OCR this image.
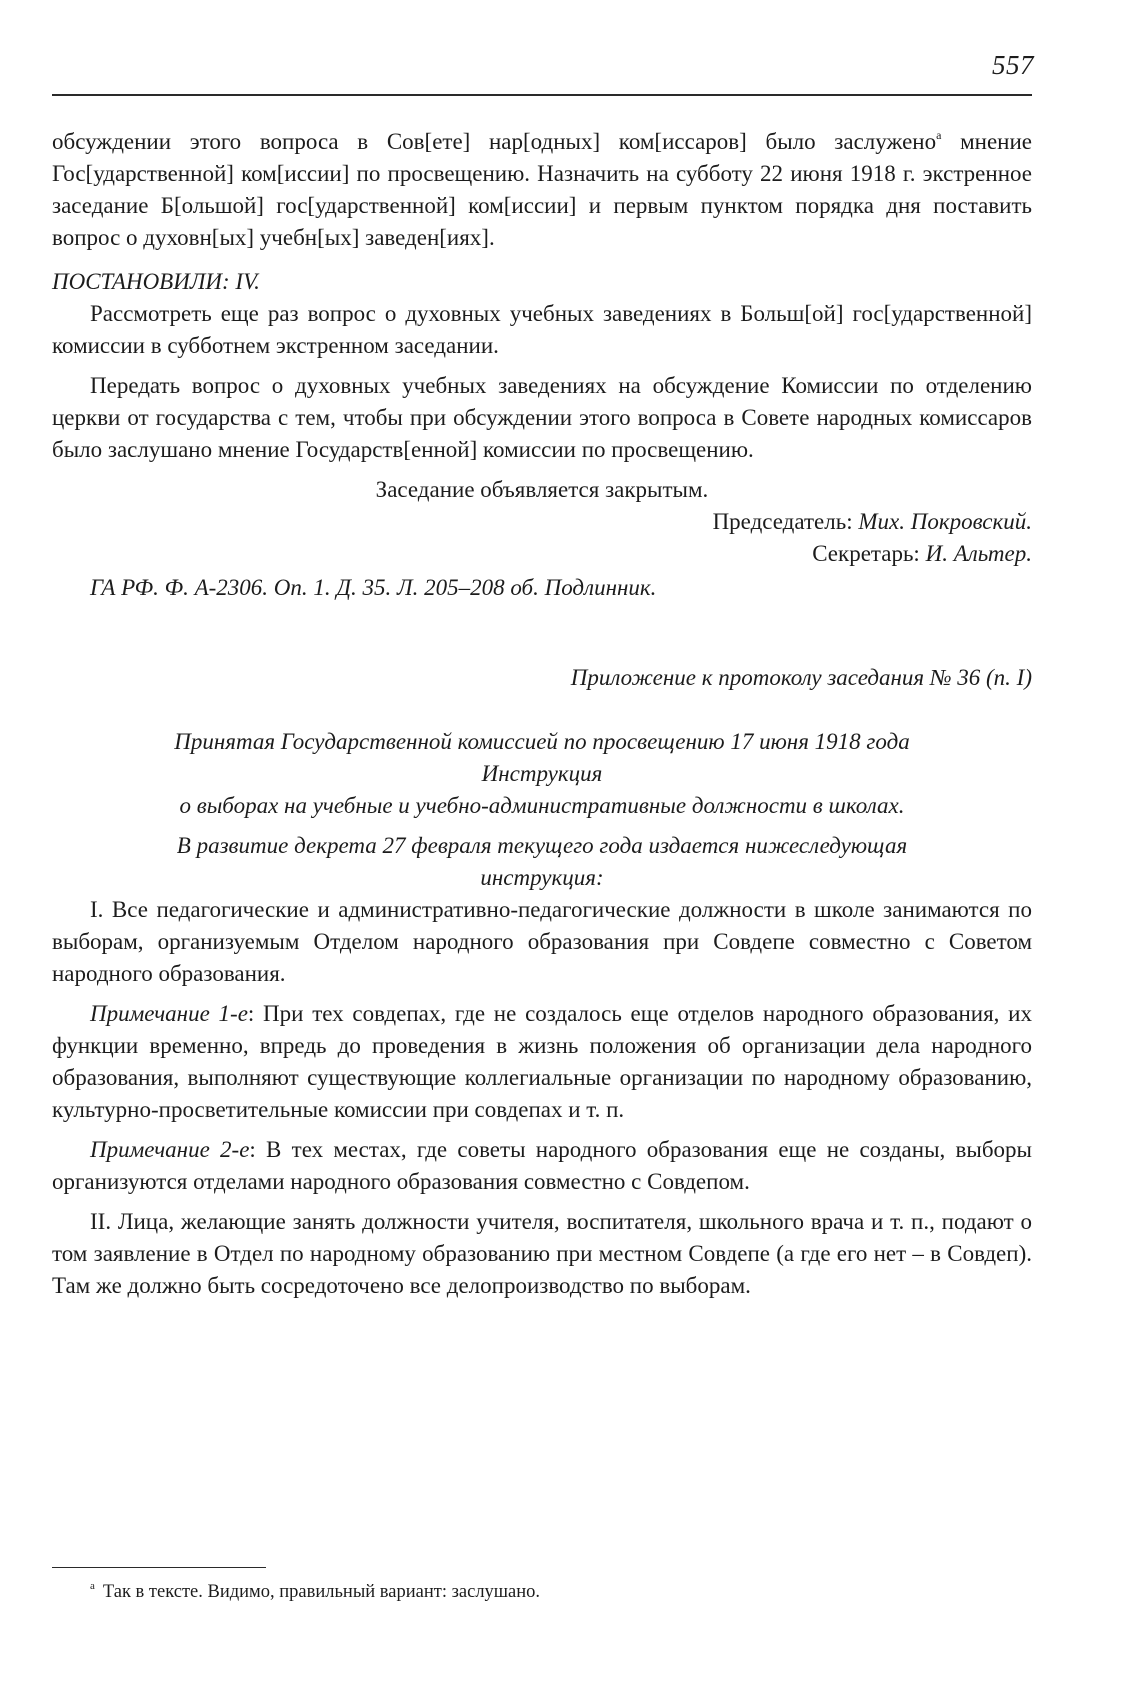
557

обсуждении этого вопроса в Сов[ете] нар[одных] ком[иссаров] было заслужено$^a$ мнение Гос[ударственной] ком[иссии] по просвещению. Назначить на субботу 22 июня 1918 г. экстренное заседание Б[ольшой] гос[ударственной] ком[иссии] и первым пунктом порядка дня поставить вопрос о духовн[ых] учебн[ых] заведен[иях].

ПОСТАНОВИЛИ: IV.

Рассмотреть еще раз вопрос о духовных учебных заведениях в Больш[ой] гос[ударственной] комиссии в субботнем экстренном заседании.

Передать вопрос о духовных учебных заведениях на обсуждение Комиссии по отделению церкви от государства с тем, чтобы при обсуждении этого вопроса в Совете народных комиссаров было заслушано мнение Государств[енной] комиссии по просвещению.

Заседание объявляется закрытым.

Председатель: Мих. Покровский.

Секретарь: И. Альтер.

ГА РФ. Ф. А-2306. Оп. 1. Д. 35. Л. 205–208 об. Подлинник.

Приложение к протоколу заседания № 36 (п. I)

Принятая Государственной комиссией по просвещению 17 июня 1918 года
Инструкция
о выборах на учебные и учебно-административные должности в школах.

В развитие декрета 27 февраля текущего года издается нижеследующая
инструкция:

I. Все педагогические и административно-педагогические должности в школе занимаются по выборам, организуемым Отделом народного образования при Совдепе совместно с Советом народного образования.

Примечание 1-е: При тех совдепах, где не создалось еще отделов народного образования, их функции временно, впредь до проведения в жизнь положения об организации дела народного образования, выполняют существующие коллегиальные организации по народному образованию, культурно-просветительные комиссии при совдепах и т. п.

Примечание 2-е: В тех местах, где советы народного образования еще не созданы, выборы организуются отделами народного образования совместно с Совдепом.

II. Лица, желающие занять должности учителя, воспитателя, школьного врача и т. п., подают о том заявление в Отдел по народному образованию при местном Совдепе (а где его нет – в Совдеп). Там же должно быть сосредоточено все делопроизводство по выборам.

$^a$ Так в тексте. Видимо, правильный вариант: заслушано.
